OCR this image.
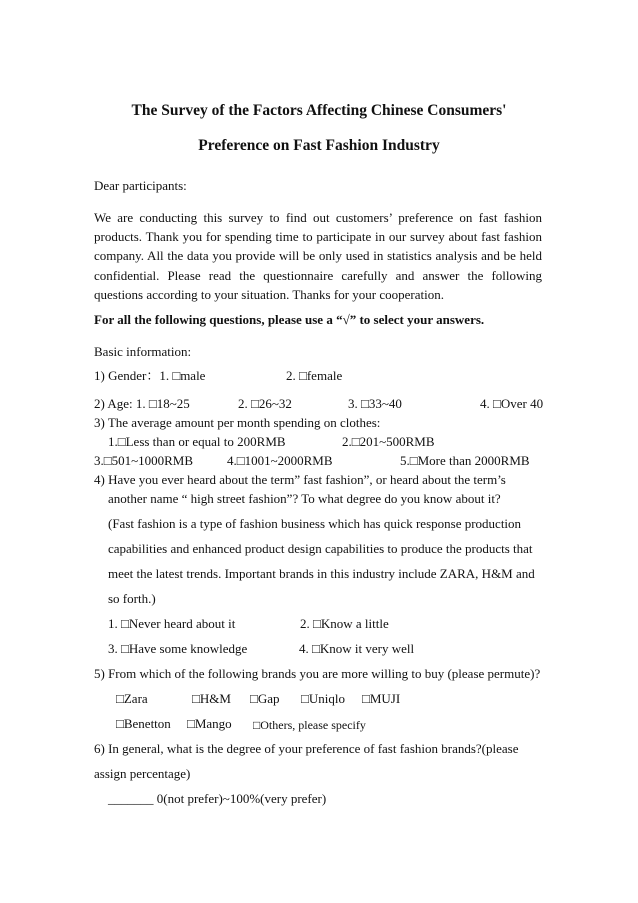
The Survey of the Factors Affecting Chinese Consumers'
Preference on Fast Fashion Industry
Dear participants:
We are conducting this survey to find out customers’ preference on fast fashion
products. Thank you for spending time to participate in our survey about fast fashion
company. All the data you provide will be only used in statistics analysis and be held
confidential. Please read the questionnaire carefully and answer the following
questions according to your situation. Thanks for your cooperation.
For all the following questions, please use a “√” to select your answers.
Basic information:
1) Gender：1. □male	2. □female
2) Age: 1. □18~25	2. □26~32	3. □33~40	4. □Over 40
3) The average amount per month spending on clothes:
1.□Less than or equal to 200RMB	2.□201~500RMB
3.□501~1000RMB	4.□1001~2000RMB	5.□More than 2000RMB
4) Have you ever heard about the term” fast fashion”, or heard about the term’s
another name “ high street fashion”? To what degree do you know about it?
(Fast fashion is a type of fashion business which has quick response production
capabilities and enhanced product design capabilities to produce the products that
meet the latest trends. Important brands in this industry include ZARA, H&M and
so forth.)
1. □Never heard about it	2. □Know a little
3. □Have some knowledge	4. □Know it very well
5) From which of the following brands you are more willing to buy (please permute)?
□Zara	□H&M □Gap □Uniqlo □MUJI
□Benetton □Mango □Others, please specify
6) In general, what is the degree of your preference of fast fashion brands?(please
assign percentage)
_______ 0(not prefer)~100%(very prefer)
